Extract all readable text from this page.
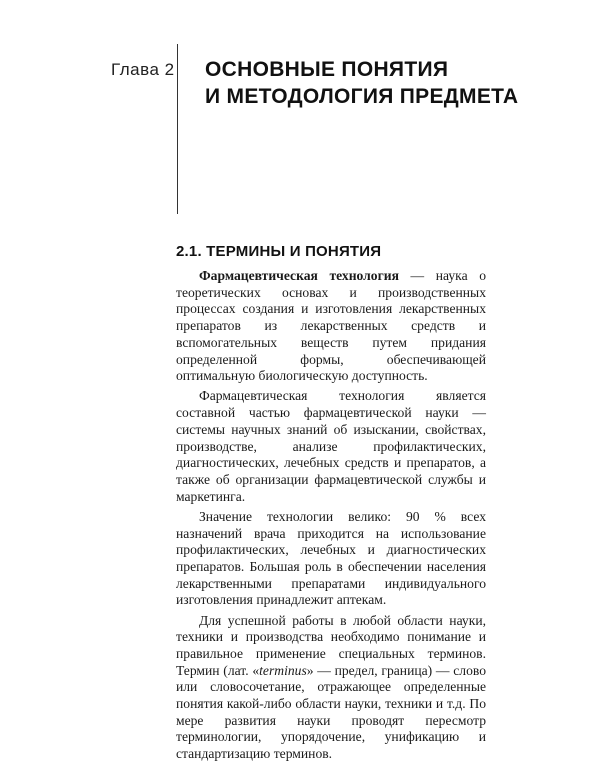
Глава 2 ОСНОВНЫЕ ПОНЯТИЯ
И МЕТОДОЛОГИЯ ПРЕДМЕТА
2.1. ТЕРМИНЫ И ПОНЯТИЯ

Фармацевтическая технология — наука о теоретических основах и производственных процессах создания и изготовления лекарственных препаратов из лекарственных средств и вспомогательных веществ путем придания определенной формы, обеспечивающей оптимальную биологическую доступность.

Фармацевтическая технология является составной частью фармацевтической науки — системы научных знаний об изыскании, свойствах, производстве, анализе профилактических, диагностических, лечебных средств и препаратов, а также об организации фармацевтической службы и маркетинга.

Значение технологии велико: 90 % всех назначений врача приходится на использование профилактических, лечебных и диагностических препаратов. Большая роль в обеспечении населения лекарственными препаратами индивидуального изготовления принадлежит аптекам.

Для успешной работы в любой области науки, техники и производства необходимо понимание и правильное применение специальных терминов. Термин (лат. «terminus» — предел, граница) — слово или словосочетание, отражающее определенные понятия какой-либо области науки, техники и т.д. По мере развития науки проводят пересмотр терминологии, упорядочение, унификацию и стандартизацию терминов.
